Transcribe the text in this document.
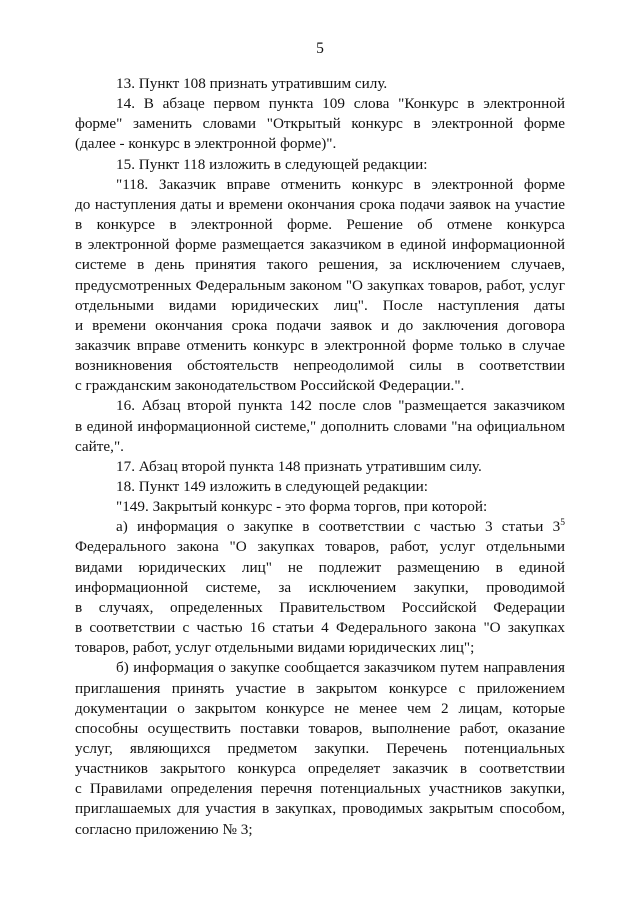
5
13. Пункт 108 признать утратившим силу.
14. В абзаце первом пункта 109 слова "Конкурс в электронной
форме" заменить словами "Открытый конкурс в электронной форме
(далее - конкурс в электронной форме)".
15. Пункт 118 изложить в следующей редакции:
"118. Заказчик вправе отменить конкурс в электронной форме
до наступления даты и времени окончания срока подачи заявок на участие
в конкурсе в электронной форме. Решение об отмене конкурса
в электронной форме размещается заказчиком в единой информационной
системе в день принятия такого решения, за исключением случаев,
предусмотренных Федеральным законом "О закупках товаров, работ, услуг
отдельными видами юридических лиц". После наступления даты
и времени окончания срока подачи заявок и до заключения договора
заказчик вправе отменить конкурс в электронной форме только в случае
возникновения обстоятельств непреодолимой силы в соответствии
с гражданским законодательством Российской Федерации.".
16. Абзац второй пункта 142 после слов "размещается заказчиком
в единой информационной системе," дополнить словами "на официальном
сайте,".
17. Абзац второй пункта 148 признать утратившим силу.
18. Пункт 149 изложить в следующей редакции:
"149. Закрытый конкурс - это форма торгов, при которой:
а) информация о закупке в соответствии с частью 3 статьи $3^5$
Федерального закона "О закупках товаров, работ, услуг отдельными
видами юридических лиц" не подлежит размещению в единой
информационной системе, за исключением закупки, проводимой
в случаях, определенных Правительством Российской Федерации
в соответствии с частью 16 статьи 4 Федерального закона "О закупках
товаров, работ, услуг отдельными видами юридических лиц";
б) информация о закупке сообщается заказчиком путем направления
приглашения принять участие в закрытом конкурсе с приложением
документации о закрытом конкурсе не менее чем 2 лицам, которые
способны осуществить поставки товаров, выполнение работ, оказание
услуг, являющихся предметом закупки. Перечень потенциальных
участников закрытого конкурса определяет заказчик в соответствии
с Правилами определения перечня потенциальных участников закупки,
приглашаемых для участия в закупках, проводимых закрытым способом,
согласно приложению № 3;
